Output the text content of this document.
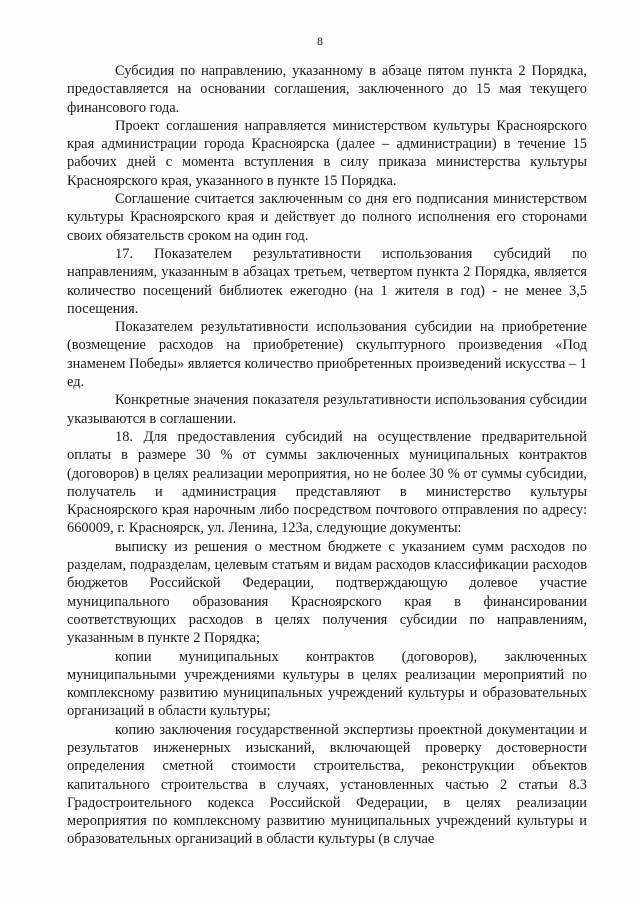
8

Субсидия по направлению, указанному в абзаце пятом пункта 2 Порядка, предоставляется на основании соглашения, заключенного до 15 мая текущего финансового года.

Проект соглашения направляется министерством культуры Красноярского края администрации города Красноярска (далее – администрации) в течение 15 рабочих дней с момента вступления в силу приказа министерства культуры Красноярского края, указанного в пункте 15 Порядка.

Соглашение считается заключенным со дня его подписания министерством культуры Красноярского края и действует до полного исполнения его сторонами своих обязательств сроком на один год.

17. Показателем результативности использования субсидий по направлениям, указанным в абзацах третьем, четвертом пункта 2 Порядка, является количество посещений библиотек ежегодно (на 1 жителя в год) - не менее 3,5 посещения.

Показателем результативности использования субсидии на приобретение (возмещение расходов на приобретение) скульптурного произведения «Под знаменем Победы» является количество приобретенных произведений искусства – 1 ед.

Конкретные значения показателя результативности использования субсидии указываются в соглашении.

18. Для предоставления субсидий на осуществление предварительной оплаты в размере 30 % от суммы заключенных муниципальных контрактов (договоров) в целях реализации мероприятия, но не более 30 % от суммы субсидии, получатель и администрация представляют в министерство культуры Красноярского края нарочным либо посредством почтового отправления по адресу: 660009, г. Красноярск, ул. Ленина, 123а, следующие документы:

выписку из решения о местном бюджете с указанием сумм расходов по разделам, подразделам, целевым статьям и видам расходов классификации расходов бюджетов Российской Федерации, подтверждающую долевое участие муниципального образования Красноярского края в финансировании соответствующих расходов в целях получения субсидии по направлениям, указанным в пункте 2 Порядка;

копии муниципальных контрактов (договоров), заключенных муниципальными учреждениями культуры в целях реализации мероприятий по комплексному развитию муниципальных учреждений культуры и образовательных организаций в области культуры;

копию заключения государственной экспертизы проектной документации и результатов инженерных изысканий, включающей проверку достоверности определения сметной стоимости строительства, реконструкции объектов капитального строительства в случаях, установленных частью 2 статьи 8.3 Градостроительного кодекса Российской Федерации, в целях реализации мероприятия по комплексному развитию муниципальных учреждений культуры и образовательных организаций в области культуры (в случае
